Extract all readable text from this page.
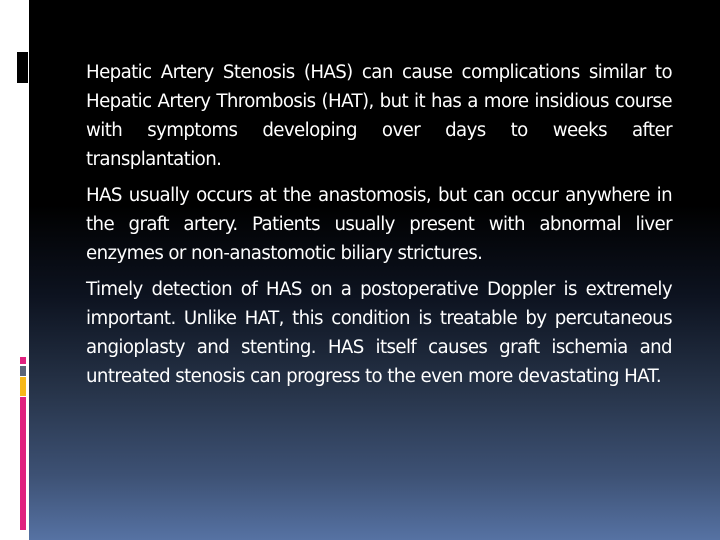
Hepatic Artery Stenosis (HAS) can cause complications similar to Hepatic Artery Thrombosis (HAT), but it has a more insidious course with symptoms developing over days to weeks after transplantation.

HAS usually occurs at the anastomosis, but can occur anywhere in the graft artery. Patients usually present with abnormal liver enzymes or non-anastomotic biliary strictures.

Timely detection of HAS on a postoperative Doppler is extremely important. Unlike HAT, this condition is treatable by percutaneous angioplasty and stenting. HAS itself causes graft ischemia and untreated stenosis can progress to the even more devastating HAT.
